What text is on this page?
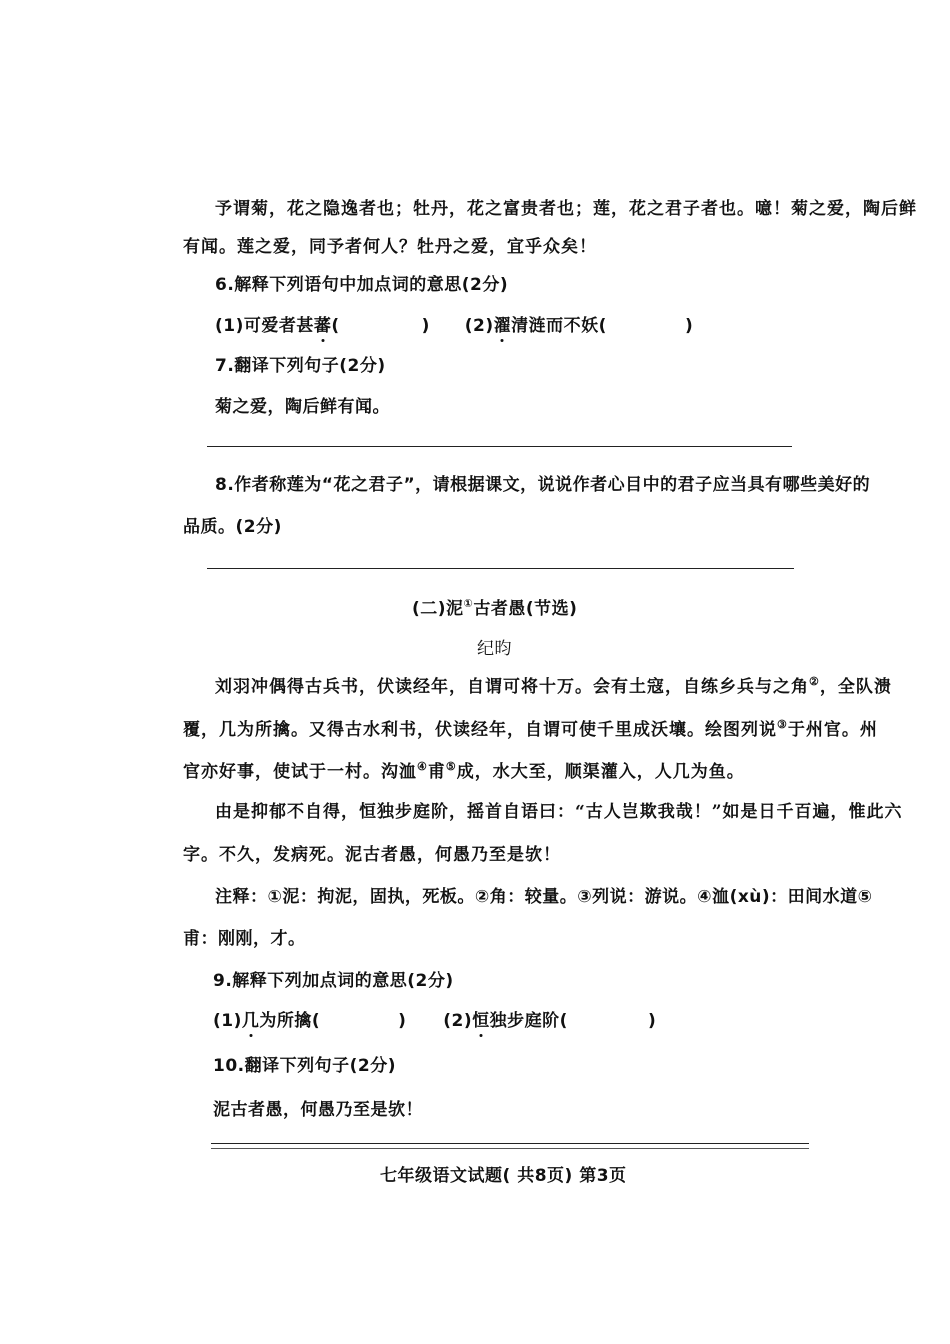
予谓菊，花之隐逸者也；牡丹，花之富贵者也；莲，花之君子者也。噫！菊之爱，陶后鲜
有闻。莲之爱，同予者何人？牡丹之爱，宜乎众矣！
6.解释下列语句中加点词的意思(2分)
(1)可爱者甚蕃(	) (2)濯清涟而不妖(	)
7.翻译下列句子(2分)
菊之爱，陶后鲜有闻。
8.作者称莲为“花之君子”，请根据课文，说说作者心目中的君子应当具有哪些美好的
品质。(2分)
(二)泥①古者愚(节选)
纪昀
刘羽冲偶得古兵书，伏读经年，自谓可将十万。会有土寇，自练乡兵与之角②，全队溃
覆，几为所擒。又得古水利书，伏读经年，自谓可使千里成沃壤。绘图列说③于州官。州
官亦好事，使试于一村。沟洫④甫⑤成，水大至，顺渠灌入，人几为鱼。
由是抑郁不自得，恒独步庭阶，摇首自语曰：“古人岂欺我哉！”如是日千百遍，惟此六
字。不久，发病死。泥古者愚，何愚乃至是欤！
注释：①泥：拘泥，固执，死板。②角：较量。③列说：游说。④洫(xù)：田间水道⑤
甫：刚刚，才。
9.解释下列加点词的意思(2分)
(1)几为所擒(	) (2)恒独步庭阶(	)
10.翻译下列句子(2分)
泥古者愚，何愚乃至是欤！
七年级语文试题( 共8页) 第3页
